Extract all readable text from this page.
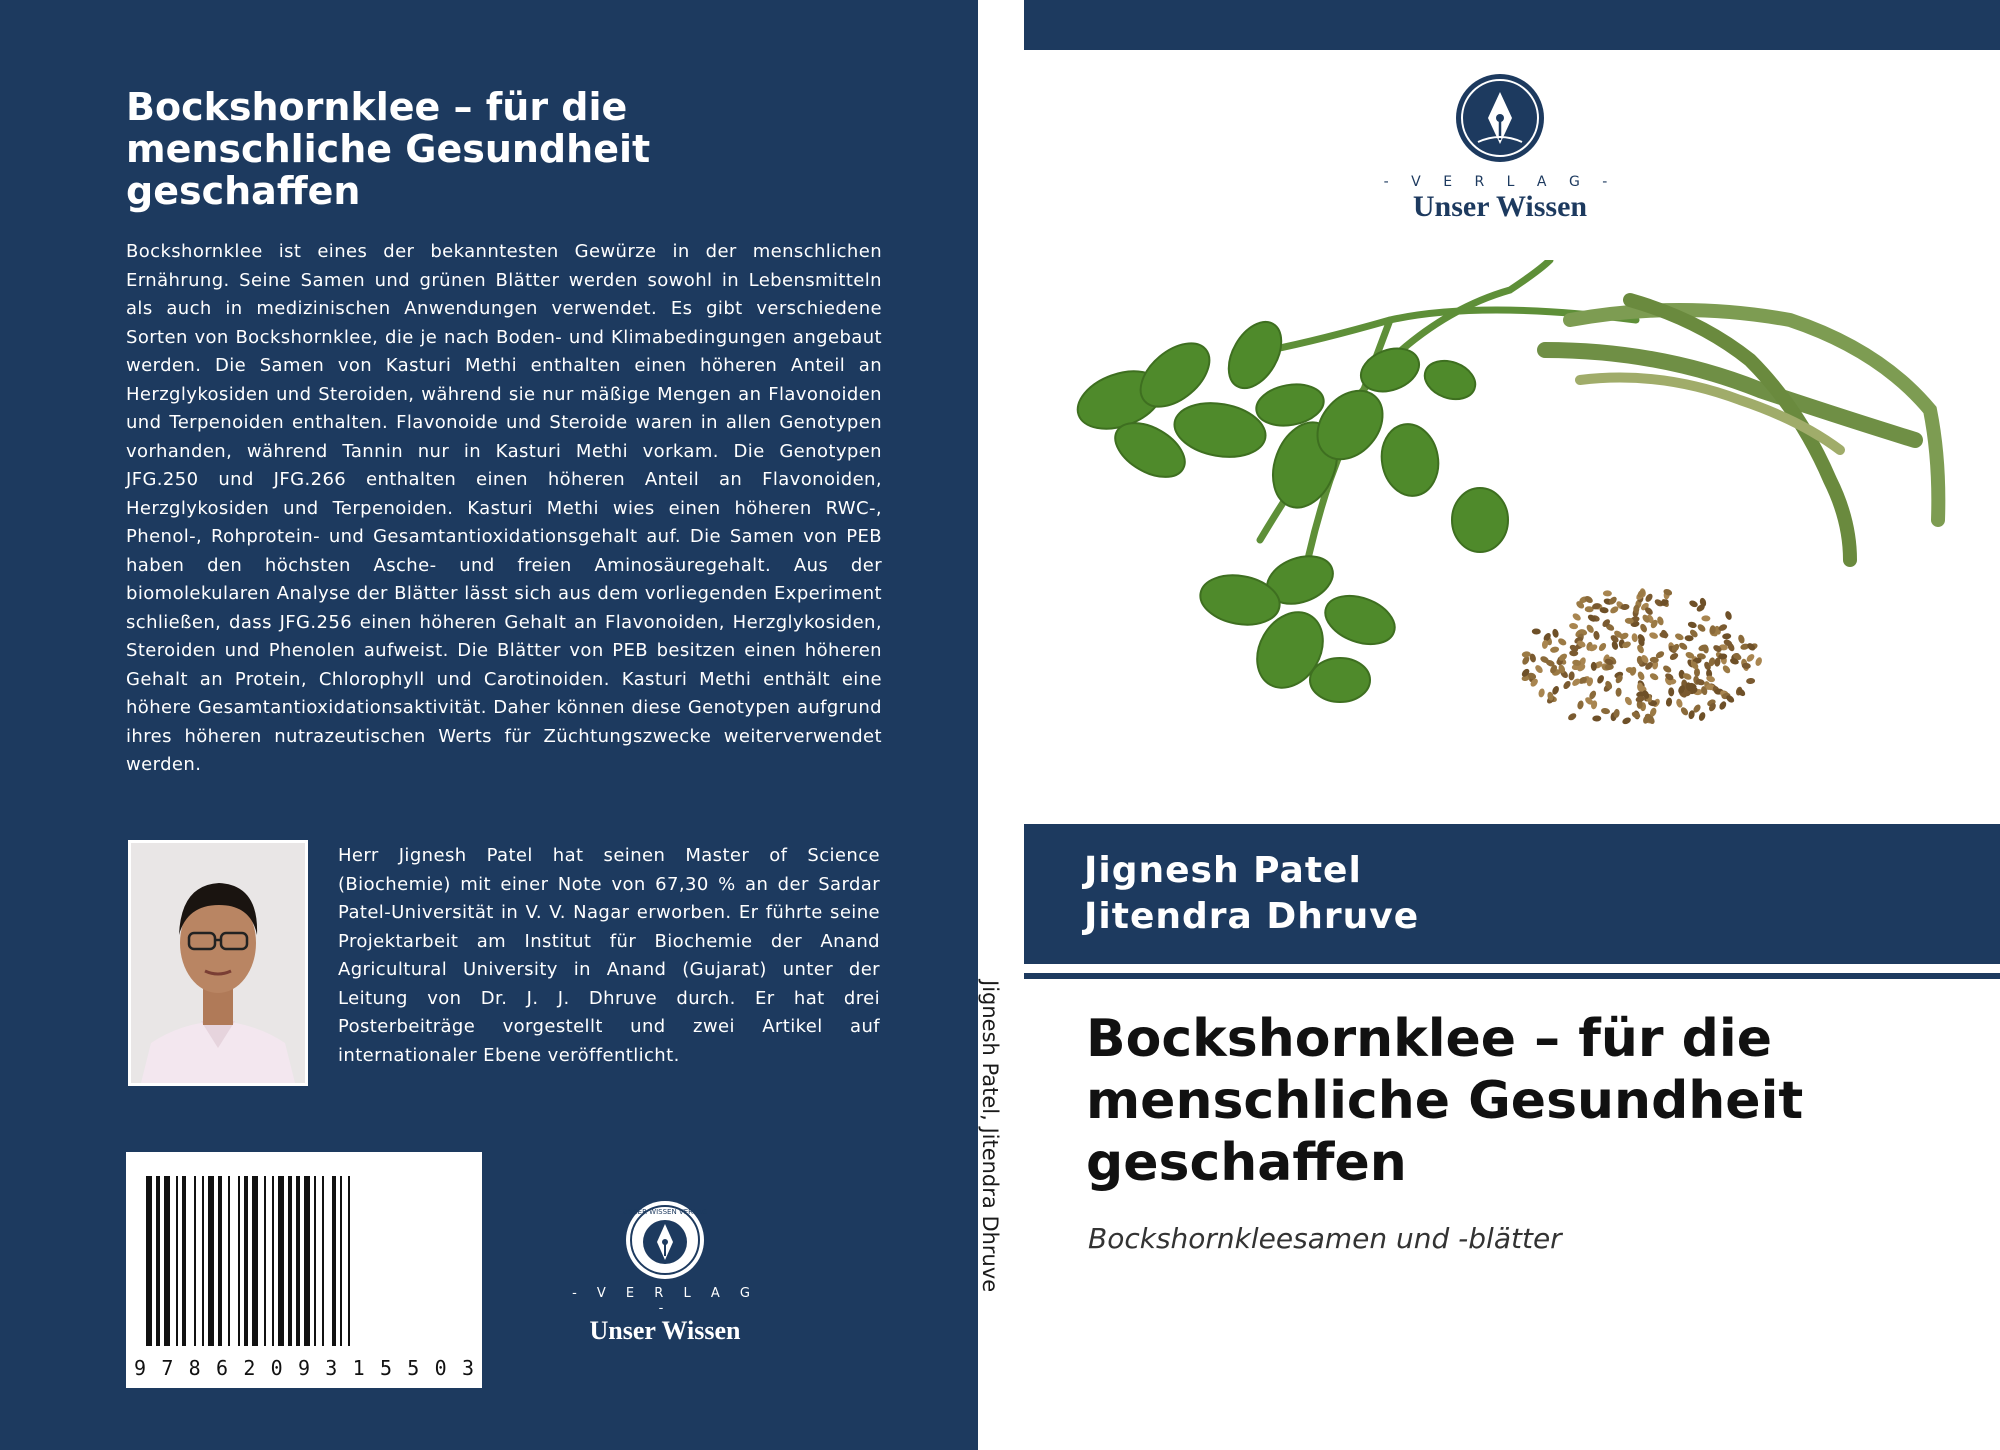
Bockshornklee – für die menschliche Gesundheit geschaffen

Bockshornklee ist eines der bekanntesten Gewürze in der menschlichen Ernährung. Seine Samen und grünen Blätter werden sowohl in Lebensmitteln als auch in medizinischen Anwendungen verwendet. Es gibt verschiedene Sorten von Bockshornklee, die je nach Boden- und Klimabedingungen angebaut werden. Die Samen von Kasturi Methi enthalten einen höheren Anteil an Herzglykosiden und Steroiden, während sie nur mäßige Mengen an Flavonoiden und Terpenoiden enthalten. Flavonoide und Steroide waren in allen Genotypen vorhanden, während Tannin nur in Kasturi Methi vorkam. Die Genotypen JFG.250 und JFG.266 enthalten einen höheren Anteil an Flavonoiden, Herzglykosiden und Terpenoiden. Kasturi Methi wies einen höheren RWC-, Phenol-, Rohprotein- und Gesamtantioxidationsgehalt auf. Die Samen von PEB haben den höchsten Asche- und freien Aminosäuregehalt. Aus der biomolekularen Analyse der Blätter lässt sich aus dem vorliegenden Experiment schließen, dass JFG.256 einen höheren Gehalt an Flavonoiden, Herzglykosiden, Steroiden und Phenolen aufweist. Die Blätter von PEB besitzen einen höheren Gehalt an Protein, Chlorophyll und Carotinoiden. Kasturi Methi enthält eine höhere Gesamtantioxidationsaktivität. Daher können diese Genotypen aufgrund ihres höheren nutrazeutischen Werts für Züchtungszwecke weiterverwendet werden.

Herr Jignesh Patel hat seinen Master of Science (Biochemie) mit einer Note von 67,30 % an der Sardar Patel-Universität in V. V. Nagar erworben. Er führte seine Projektarbeit am Institut für Biochemie der Anand Agricultural University in Anand (Gujarat) unter der Leitung von Dr. J. J. Dhruve durch. Er hat drei Posterbeiträge vorgestellt und zwei Artikel auf internationaler Ebene veröffentlicht.

9 7 8 6 2 0 9 3 1 5 5 0 3
UNSER WISSEN VERLAG
- V E R L A G -
Unser Wissen
Jignesh Patel, Jitendra Dhruve
- V E R L A G -
Unser Wissen
Jignesh Patel
Jitendra Dhruve
Bockshornklee – für die menschliche Gesundheit geschaffen
Bockshornkleesamen und -blätter
